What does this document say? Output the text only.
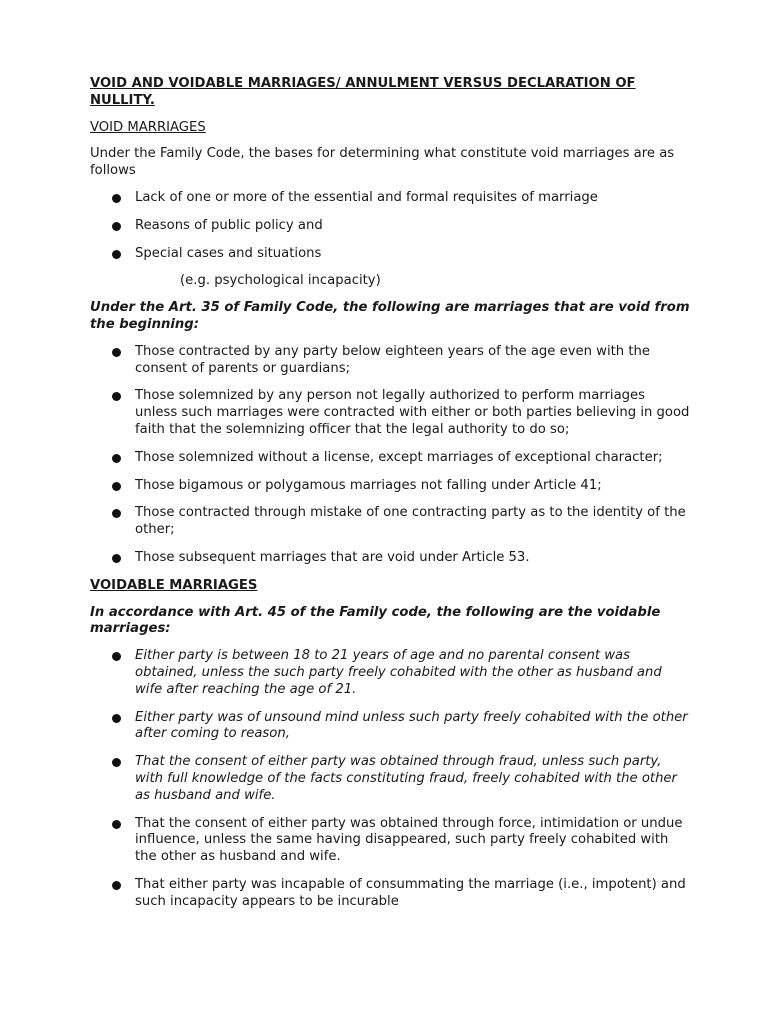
VOID AND VOIDABLE MARRIAGES/ ANNULMENT VERSUS DECLARATION OF NULLITY.

VOID MARRIAGES

Under the Family Code, the bases for determining what constitute void marriages are as follows

Lack of one or more of the essential and formal requisites of marriage
Reasons of public policy and
Special cases and situations

(e.g. psychological incapacity)

Under the Art. 35 of Family Code, the following are marriages that are void from the beginning:

Those contracted by any party below eighteen years of the age even with the consent of parents or guardians;
Those solemnized by any person not legally authorized to perform marriages unless such marriages were contracted with either or both parties believing in good faith that the solemnizing officer that the legal authority to do so;
Those solemnized without a license, except marriages of exceptional character;
Those bigamous or polygamous marriages not falling under Article 41;
Those contracted through mistake of one contracting party as to the identity of the other;
Those subsequent marriages that are void under Article 53.

VOIDABLE MARRIAGES

In accordance with Art. 45 of the Family code, the following are the voidable marriages:

Either party is between 18 to 21 years of age and no parental consent was obtained, unless the such party freely cohabited with the other as husband and wife after reaching the age of 21.
Either party was of unsound mind unless such party freely cohabited with the other after coming to reason,
That the consent of either party was obtained through fraud, unless such party, with full knowledge of the facts constituting fraud, freely cohabited with the other as husband and wife.
That the consent of either party was obtained through force, intimidation or undue influence, unless the same having disappeared, such party freely cohabited with the other as husband and wife.
That either party was incapable of consummating the marriage (i.e., impotent) and such incapacity appears to be incurable
